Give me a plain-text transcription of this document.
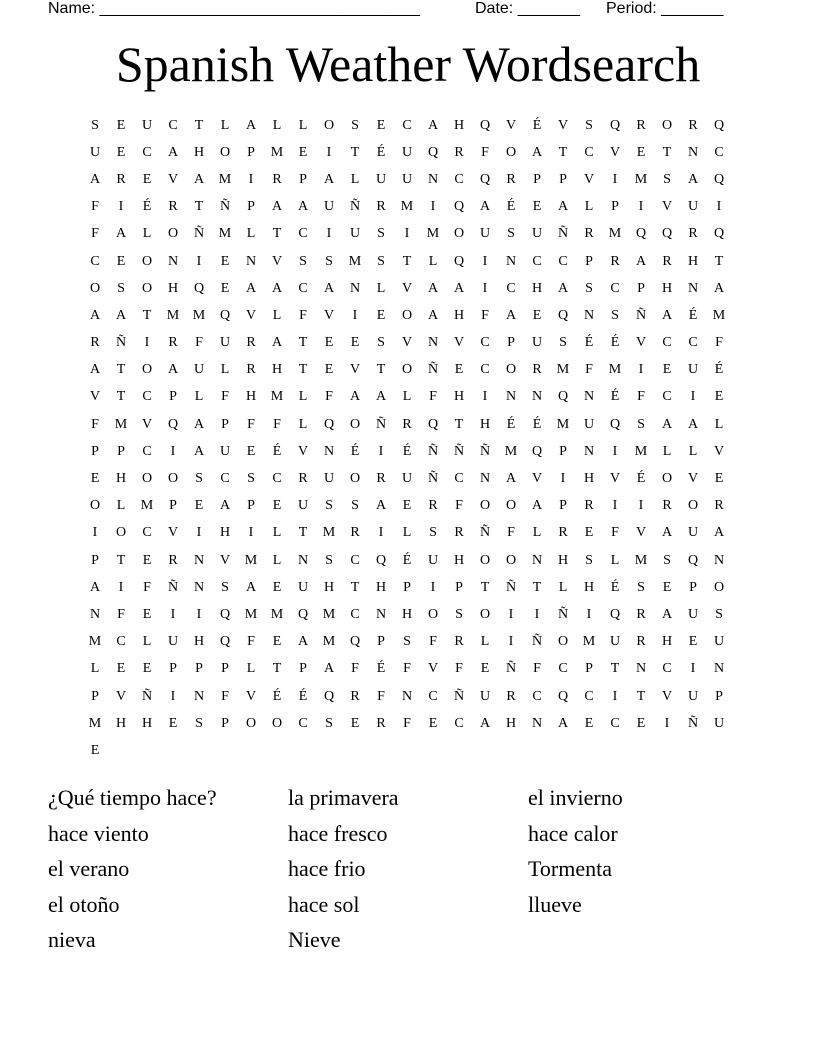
Name: ____________________________________	Date: _______ Period: _______
Spanish Weather Wordsearch
S	E	U	C	T	L	A	L	L	O	S	E	C	A	H	Q	V	É	V	S	Q	R	O	R	Q
U	E	C	A	H	O	P	M	E	I	T	É	U	Q	R	F	O	A	T	C	V	E	T	N	C
A	R	E	V	A	M	I	R	P	A	L	U	U	N	C	Q	R	P	P	V	I	M	S	A	Q
F	I	É	R	T	Ñ	P	A	A	U	Ñ	R	M	I	Q	A	É	E	A	L	P	I	V	U	I
F	A	L	O	Ñ	M	L	T	C	I	U	S	I	M	O	U	S	U	Ñ	R	M	Q	Q	R	Q
C	E	O	N	I	E	N	V	S	S	M	S	T	L	Q	I	N	C	C	P	R	A	R	H	T
O	S	O	H	Q	E	A	A	C	A	N	L	V	A	A	I	C	H	A	S	C	P	H	N	A
A	A	T	M M	Q	V	L	F	V	I	E	O	A	H	F	A	E	Q	N	S	Ñ	A	É	M
R	Ñ	I	R	F	U	R	A	T	E	E	S	V	N	V	C	P	U	S	É	É	V	C	C	F
A	T	O	A	U	L	R	H	T	E	V	T	O	Ñ	E	C	O	R	M	F	M	I	E	U	É
V	T	C	P	L	F	H	M	L	F	A	A	L	F	H	I	N	N	Q	N	É	F	C	I	E
F	M	V	Q	A	P	F	F	L	Q	O	Ñ	R	Q	T	H	É	É	M	U	Q	S	A	A	L
P	P	C	I	A	U	E	É	V	N	É	I	É	Ñ	Ñ	Ñ	M	Q	P	N	I	M	L	L	V
E	H	O	O	S	C	S	C	R	U	O	R	U	Ñ	C	N	A	V	I	H	V	É	O	V	E
O	L	M	P	E	A	P	E	U	S	S	A	E	R	F	O	O	A	P	R	I	I	R	O	R
I	O	C	V	I	H	I	L	T	M	R	I	L	S	R	Ñ	F	L	R	E	F	V	A	U	A
P	T	E	R	N	V	M	L	N	S	C	Q	É	U	H	O	O	N	H	S	L	M	S	Q	N
A	I	F	Ñ	N	S	A	E	U	H	T	H	P	I	P	T	Ñ	T	L	H	É	S	E	P	O
N	F	E	I	I	Q	M M	Q	M	C	N	H	O	S	O	I	I	Ñ	I	Q	R	A	U	S
M	C	L	U	H	Q	F	E	A	M	Q	P	S	F	R	L	I	Ñ	O	M	U	R	H	E	U
L	E	E	P	P	P	L	T	P	A	F	É	F	V	F	E	Ñ	F	C	P	T	N	C	I	N
P	V	Ñ	I	N	F	V	É	É	Q	R	F	N	C	Ñ	U	R	C	Q	C	I	T	V	U	P
M	H	H	E	S	P	O	O	C	S	E	R	F	E	C	A	H	N	A	E	C	E	I	Ñ	U
E
¿Qué tiempo hace?	la primavera	el invierno
hace viento	hace fresco	hace calor
el verano	hace frio	Tormenta
el otoño	hace sol	llueve
nieva	Nieve
